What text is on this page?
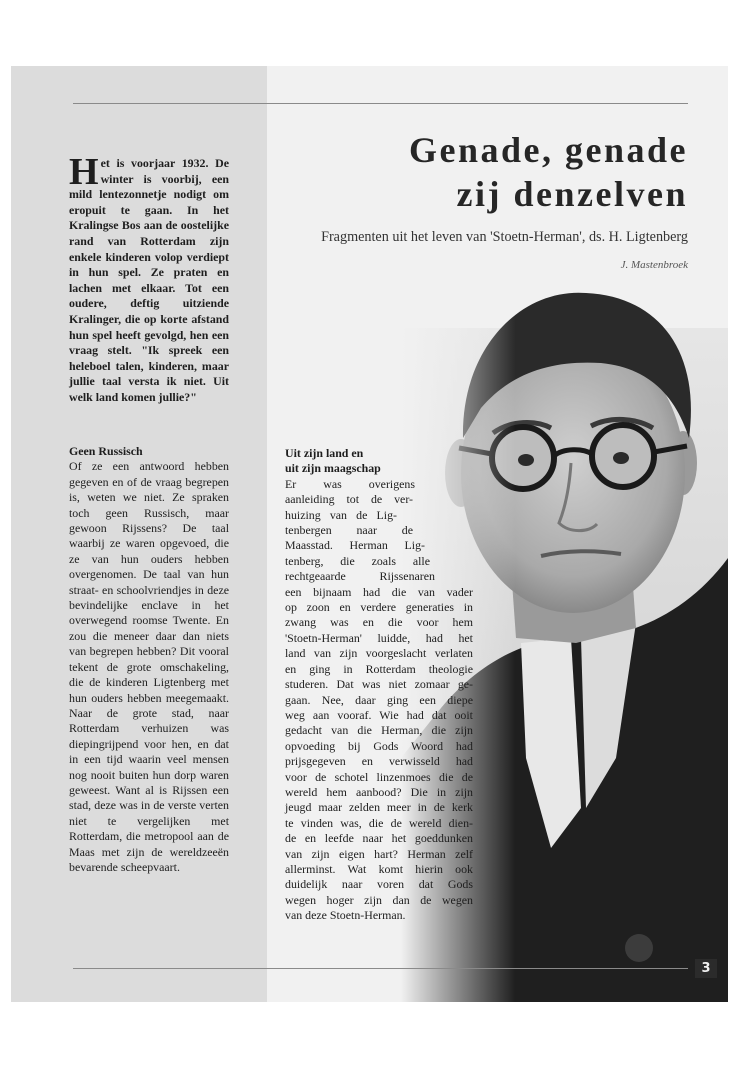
3
Genade, genade
zij denzelven
Fragmenten uit het leven van 'Stoetn-Herman', ds. H. Ligtenberg
J. Mastenbroek
Het is voorjaar 1932. De winter is voorbij, een mild lentezonnetje nodigt om eropuit te gaan. In het Kralingse Bos aan de oostelijke rand van Rotterdam zijn enkele kinderen volop verdiept in hun spel. Ze praten en lachen met elkaar. Tot een oudere, deftig uitziende Kralinger, die op korte afstand hun spel heeft gevolgd, hen een vraag stelt. "Ik spreek een heleboel talen, kinderen, maar jullie taal versta ik niet. Uit welk land komen jullie?"
Geen Russisch
Of ze een antwoord hebben gegeven en of de vraag begrepen is, weten we niet. Ze spraken toch geen Russisch, maar gewoon Rijssens? De taal waarbij ze waren opgevoed, die ze van hun ouders hebben overgenomen. De taal van hun straat- en schoolvriendjes in deze bevindelijke enclave in het overwegend roomse Twente. En zou die meneer daar dan niets van begrepen hebben? Dit vooral tekent de grote omschakeling, die de kinderen Ligtenberg met hun ouders hebben meegemaakt. Naar de grote stad, naar Rotterdam verhuizen was diepingrijpend voor hen, en dat in een tijd waarin veel mensen nog nooit buiten hun dorp waren geweest. Want al is Rijssen een stad, deze was in de verste verten niet te vergelijken met Rotterdam, die metropool aan de Maas met zijn de wereldzeeën bevarende scheepvaart.
Uit zijn land en
uit zijn maagschap
Er was overigens
aanleiding tot de ver-
huizing van de Lig-
tenbergen naar de
Maasstad. Herman Lig-
tenberg, die zoals alle
rechtgeaarde Rijssenaren
een bijnaam had die van vader
op zoon en verdere generaties in
zwang was en die voor hem
'Stoetn-Herman' luidde, had het
land van zijn voorgeslacht verlaten
en ging in Rotterdam theologie
studeren. Dat was niet zomaar ge-
gaan. Nee, daar ging een diepe
weg aan vooraf. Wie had dat ooit
gedacht van die Herman, die zijn
opvoeding bij Gods Woord had
prijsgegeven en verwisseld had
voor de schotel linzenmoes die de
wereld hem aanbood? Die in zijn
jeugd maar zelden meer in de kerk
te vinden was, die de wereld dien-
de en leefde naar het goeddunken
van zijn eigen hart? Herman zelf
allerminst. Wat komt hierin ook
duidelijk naar voren dat Gods
wegen hoger zijn dan de wegen
van deze Stoetn-Herman.
